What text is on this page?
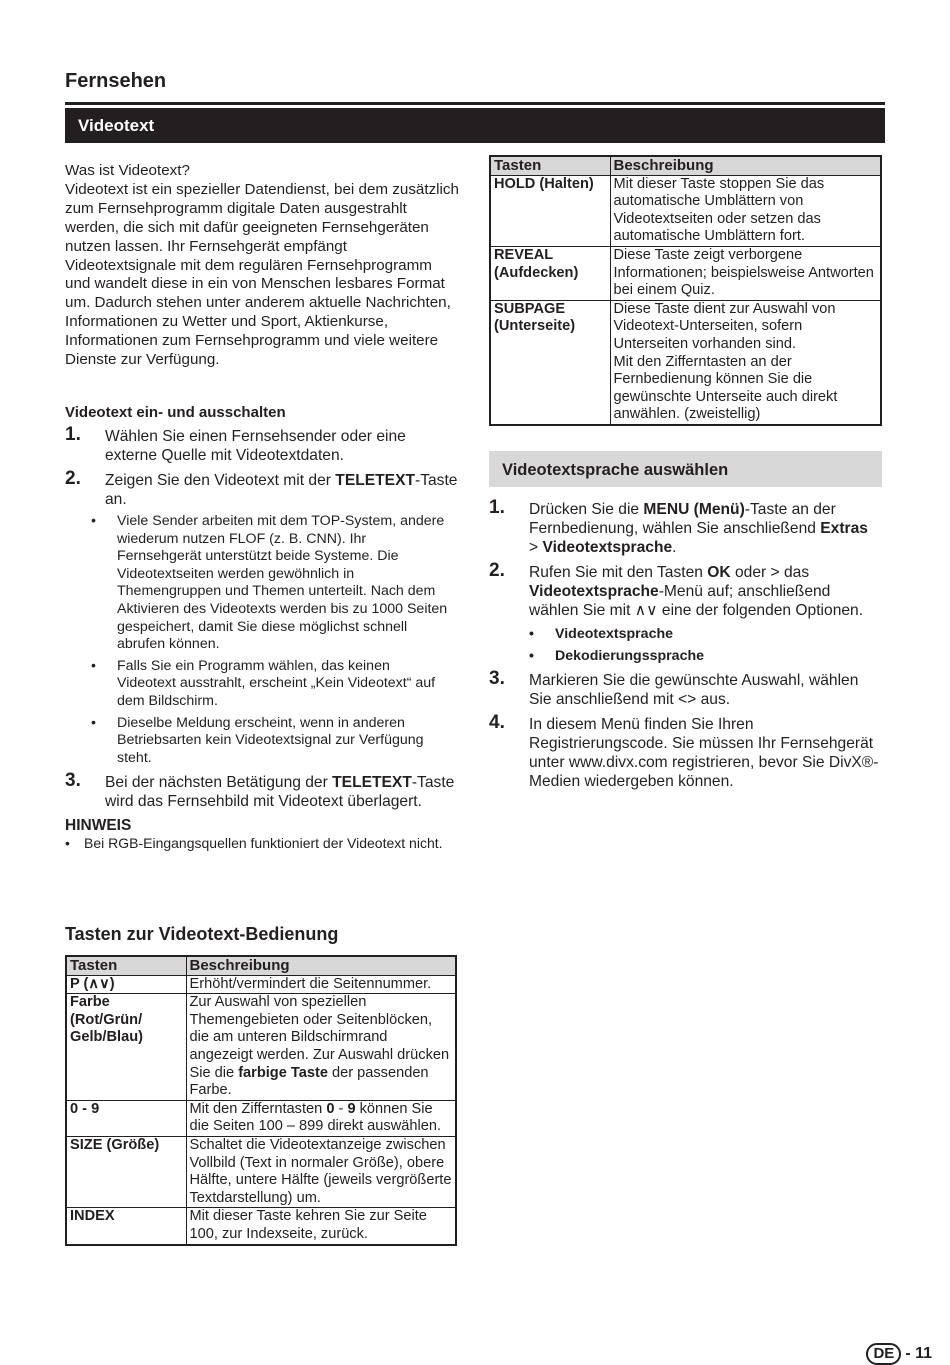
Fernsehen
Videotext

Was ist Videotext?

Videotext ist ein spezieller Datendienst, bei dem zusätzlich zum Fernsehprogramm digitale Daten ausgestrahlt werden, die sich mit dafür geeigneten Fernsehgeräten nutzen lassen. Ihr Fernsehgerät empfängt Videotextsignale mit dem regulären Fernsehprogramm und wandelt diese in ein von Menschen lesbares Format um. Dadurch stehen unter anderem aktuelle Nachrichten, Informationen zu Wetter und Sport, Aktienkurse, Informationen zum Fernsehprogramm und viele weitere Dienste zur Verfügung.

Videotext ein- und ausschalten
1. Wählen Sie einen Fernsehsender oder eine externe Quelle mit Videotextdaten.
2. Zeigen Sie den Videotext mit der TELETEXT-Taste an.
• Viele Sender arbeiten mit dem TOP-System, andere wiederum nutzen FLOF (z. B. CNN). Ihr Fernsehgerät unterstützt beide Systeme. Die Videotextseiten werden gewöhnlich in Themengruppen und Themen unterteilt. Nach dem Aktivieren des Videotexts werden bis zu 1000 Seiten gespeichert, damit Sie diese möglichst schnell abrufen können.
• Falls Sie ein Programm wählen, das keinen Videotext ausstrahlt, erscheint „Kein Videotext“ auf dem Bildschirm.
• Dieselbe Meldung erscheint, wenn in anderen Betriebsarten kein Videotextsignal zur Verfügung steht.
3. Bei der nächsten Betätigung der TELETEXT-Taste wird das Fernsehbild mit Videotext überlagert.
HINWEIS
• Bei RGB-Eingangsquellen funktioniert der Videotext nicht.
Tasten zur Videotext-Bedienung
Tasten	Beschreibung
P (∧∨)	Erhöht/vermindert die Seitennummer.
Farbe (Rot/Grün/ Gelb/Blau)	Zur Auswahl von speziellen Themengebieten oder Seitenblöcken, die am unteren Bildschirmrand angezeigt werden. Zur Auswahl drücken Sie die farbige Taste der passenden Farbe.
0 - 9	Mit den Zifferntasten 0 - 9 können Sie die Seiten 100 – 899 direkt auswählen.
SIZE (Größe)	Schaltet die Videotextanzeige zwischen Vollbild (Text in normaler Größe), obere Hälfte, untere Hälfte (jeweils vergrößerte Textdarstellung) um.
INDEX	Mit dieser Taste kehren Sie zur Seite 100, zur Indexseite, zurück.
Tasten	Beschreibung
HOLD (Halten)	Mit dieser Taste stoppen Sie das automatische Umblättern von Videotextseiten oder setzen das automatische Umblättern fort.
REVEAL (Aufdecken)	Diese Taste zeigt verborgene Informationen; beispielsweise Antworten bei einem Quiz.
SUBPAGE (Unterseite)	Diese Taste dient zur Auswahl von Videotext-Unterseiten, sofern Unterseiten vorhanden sind.
Mit den Zifferntasten an der Fernbedienung können Sie die gewünschte Unterseite auch direkt anwählen. (zweistellig)
Videotextsprache auswählen
1. Drücken Sie die MENU (Menü)-Taste an der Fernbedienung, wählen Sie anschließend Extras > Videotextsprache.
2. Rufen Sie mit den Tasten OK oder > das Videotextsprache-Menü auf; anschließend wählen Sie mit ∧∨ eine der folgenden Optionen.
• Videotextsprache
• Dekodierungssprache
3. Markieren Sie die gewünschte Auswahl, wählen Sie anschließend mit <> aus.
4. In diesem Menü finden Sie Ihren Registrierungscode. Sie müssen Ihr Fernsehgerät unter www.divx.com registrieren, bevor Sie DivX®-Medien wiedergeben können.
DE - 11
